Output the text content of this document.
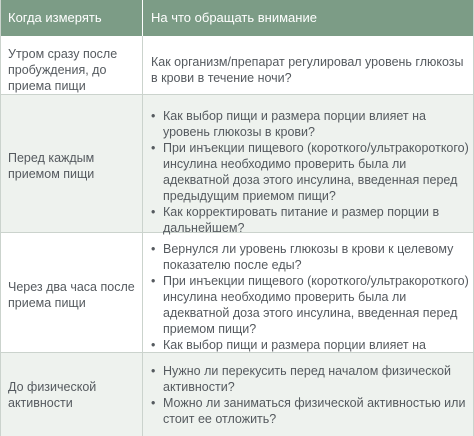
Когда измерять	На что обращать внимание
Утром сразу после пробуждения, до приема пищи
Как организм/препарат регулировал уровень глюкозы в крови в течение ночи?
Перед каждым приемом пищи
• Как выбор пищи и размера порции влияет на уровень глюкозы в крови?
• При инъекции пищевого (короткого/ультракороткого) инсулина необходимо проверить была ли адекватной доза этого инсулина, введенная перед предыдущим приемом пищи?
• Как корректировать питание и размер порции в дальнейшем?
Через два часа после приема пищи
• Вернулся ли уровень глюкозы в крови к целевому показателю после еды?
• При инъекции пищевого (короткого/ультракороткого) инсулина необходимо проверить была ли адекватной доза этого инсулина, введенная перед приемом пищи?
• Как выбор пищи и размера порции влияет на
До физической активности
• Нужно ли перекусить перед началом физической активности?
• Можно ли заниматься физической активностью или стоит ее отложить?
